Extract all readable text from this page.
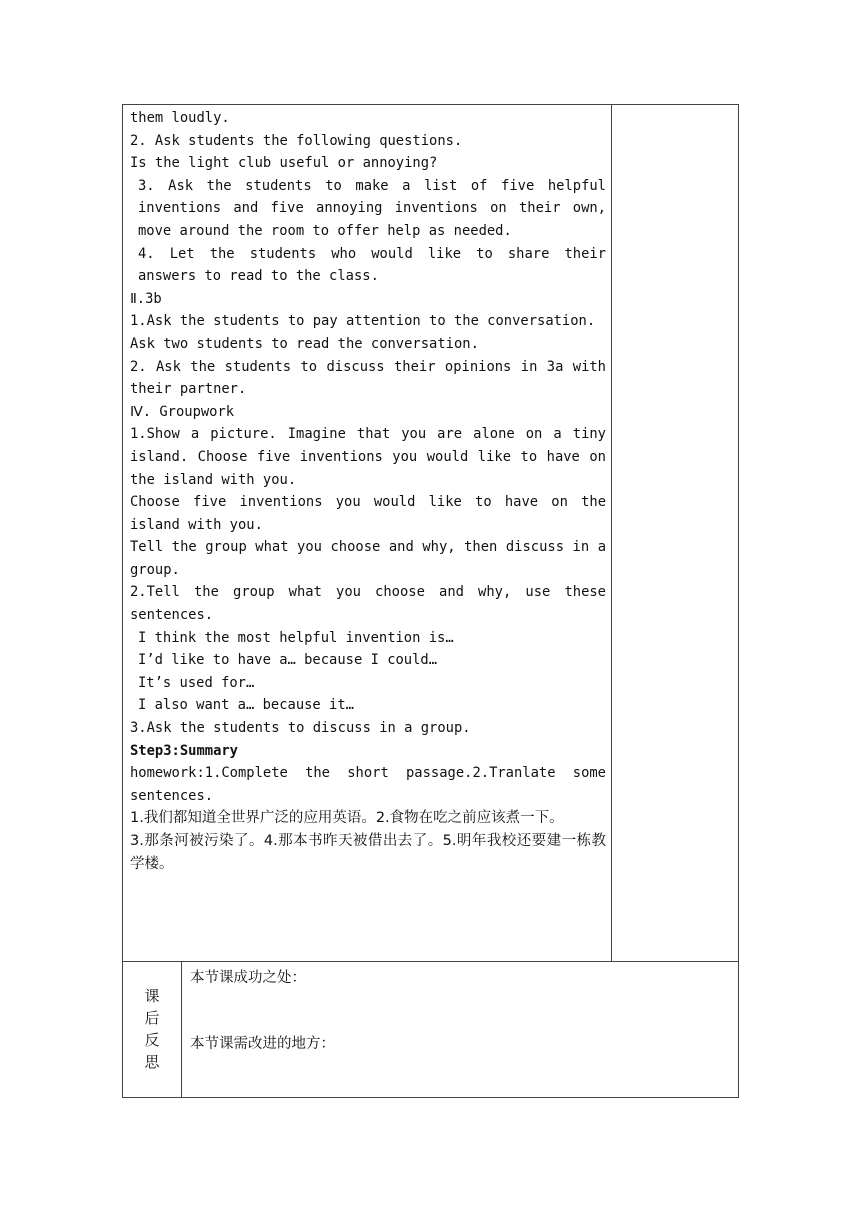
them loudly.

2. Ask students the following questions.

Is the light club useful or annoying?

3. Ask the students to make a list of five helpful inventions and five annoying inventions on their own, move around the room to offer help as needed.

4. Let the students who would like to share their answers to read to the class.

Ⅱ.3b

1.Ask the students to pay attention to the conversation.

Ask two students to read the conversation.

2. Ask the students to discuss their opinions in 3a with their partner.

Ⅳ. Groupwork

1.Show a picture. Imagine that you are alone on a tiny island. Choose five inventions you would like to have on the island with you.

Choose five inventions you would like to have on the island with you.

Tell the group what you choose and why, then discuss in a group.

2.Tell the group what you choose and why, use these sentences.

I think the most helpful invention is…

I’d like to have a… because I could…

It’s used for…

I also want a… because it…

3.Ask the students to discuss in a group.

Step3:Summary

homework:1.Complete the short passage.2.Tranlate some sentences.

1.我们都知道全世界广泛的应用英语。2.食物在吃之前应该煮一下。

3.那条河被污染了。4.那本书昨天被借出去了。5.明年我校还要建一栋教学楼。

课
后
反
思
本节课成功之处：
本节课需改进的地方：
